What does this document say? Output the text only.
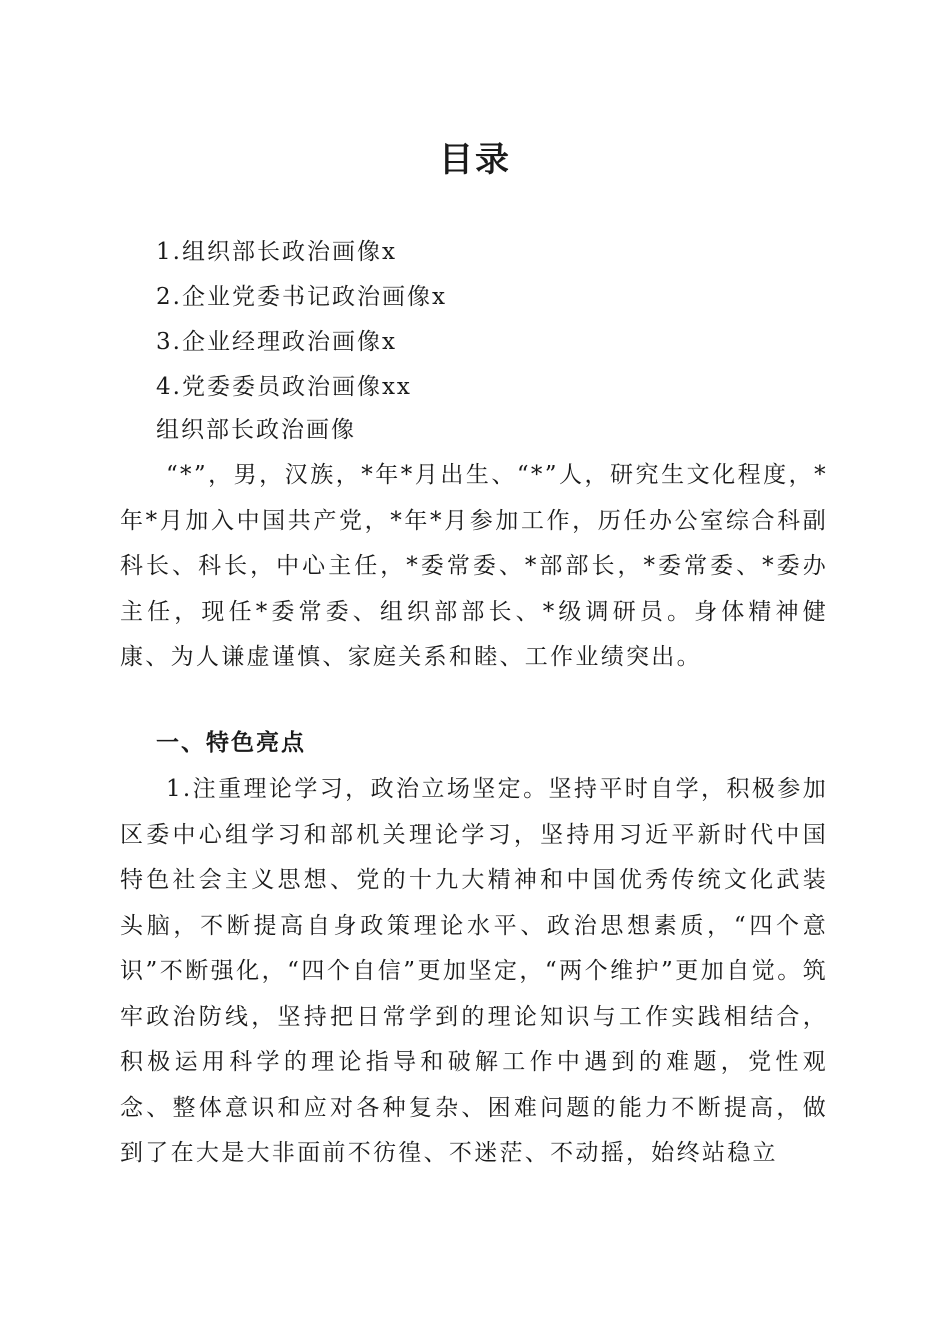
目录
1.组织部长政治画像x
2.企业党委书记政治画像x
3.企业经理政治画像x
4.党委委员政治画像xx
组织部长政治画像

“*”，男，汉族，*年*月出生、“*”人，研究生文化程度，*年*月加入中国共产党，*年*月参加工作，历任办公室综合科副科长、科长，中心主任，*委常委、*部部长，*委常委、*委办主任，现任*委常委、组织部部长、*级调研员。身体精神健康、为人谦虚谨慎、家庭关系和睦、工作业绩突出。

一、特色亮点

1.注重理论学习，政治立场坚定。坚持平时自学，积极参加区委中心组学习和部机关理论学习，坚持用习近平新时代中国特色社会主义思想、党的十九大精神和中国优秀传统文化武装头脑，不断提高自身政策理论水平、政治思想素质，“四个意识”不断强化，“四个自信”更加坚定，“两个维护”更加自觉。筑牢政治防线，坚持把日常学到的理论知识与工作实践相结合，积极运用科学的理论指导和破解工作中遇到的难题，党性观念、整体意识和应对各种复杂、困难问题的能力不断提高，做到了在大是大非面前不彷徨、不迷茫、不动摇，始终站稳立
